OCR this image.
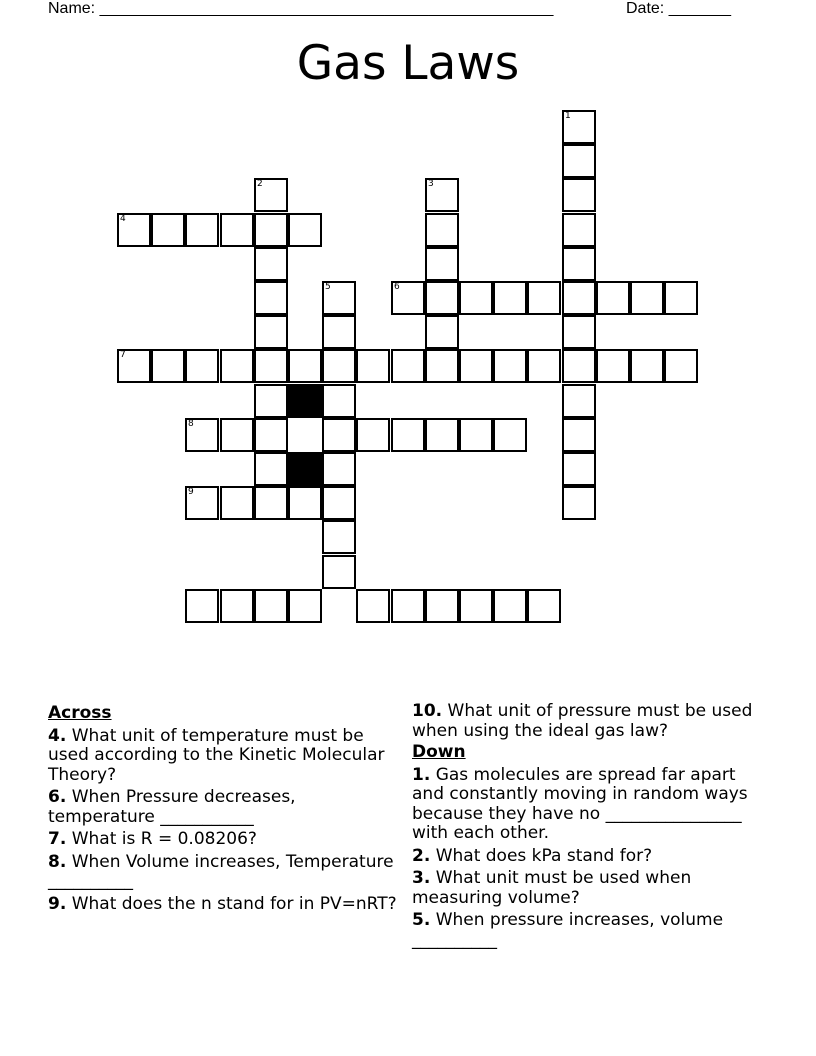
Name: ___________________________________________________	Date: _______
Gas Laws
1
2	3
4
5	6
7
8
9
Across
4. What unit of temperature must be used according to the Kinetic Molecular Theory?
6. When Pressure decreases, temperature ___________
7. What is R = 0.08206?
8. When Volume increases, Temperature __________
9. What does the n stand for in PV=nRT?
10. What unit of pressure must be used when using the ideal gas law?
Down
1. Gas molecules are spread far apart and constantly moving in random ways because they have no ________________ with each other.
2. What does kPa stand for?
3. What unit must be used when measuring volume?
5. When pressure increases, volume __________
